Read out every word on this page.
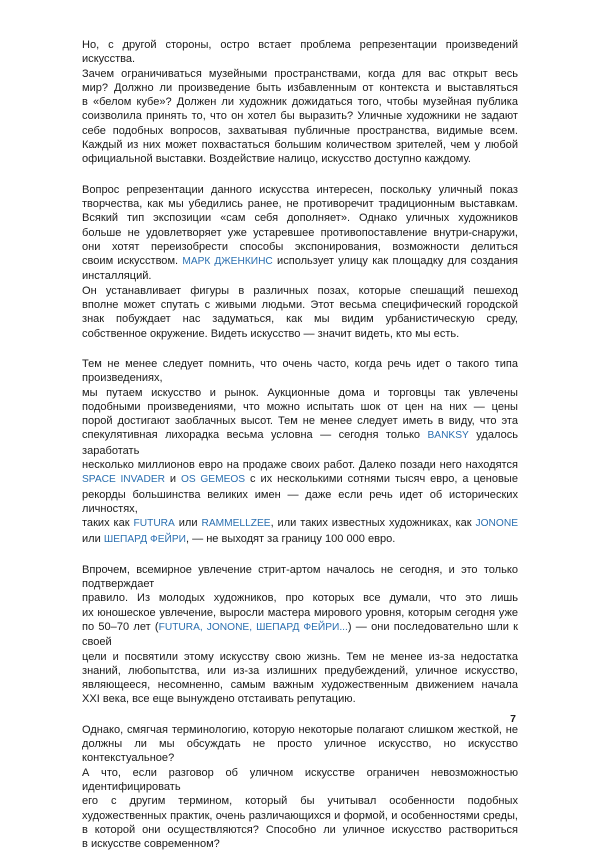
Но, с другой стороны, остро встает проблема репрезентации произведений искусства.
Зачем ограничиваться музейными пространствами, когда для вас открыт весь
мир? Должно ли произведение быть избавленным от контекста и выставляться
в «белом кубе»? Должен ли художник дожидаться того, чтобы музейная публика
соизволила принять то, что он хотел бы выразить? Уличные художники не задают
себе подобных вопросов, захватывая публичные пространства, видимые всем.
Каждый из них может похвастаться большим количеством зрителей, чем у любой
официальной выставки. Воздействие налицо, искусство доступно каждому.

Вопрос репрезентации данного искусства интересен, поскольку уличный показ
творчества, как мы убедились ранее, не противоречит традиционным выставкам.
Всякий тип экспозиции «сам себя дополняет». Однако уличных художников
больше не удовлетворяет уже устаревшее противопоставление внутри-снаружи,
они хотят переизобрести способы экспонирования, возможности делиться
своим искусством. МАРК ДЖЕНКИНС использует улицу как площадку для создания инсталляций.
Он устанавливает фигуры в различных позах, которые спешащий пешеход
вполне может спутать с живыми людьми. Этот весьма специфический городской
знак побуждает нас задуматься, как мы видим урбанистическую среду,
собственное окружение. Видеть искусство — значит видеть, кто мы есть.

Тем не менее следует помнить, что очень часто, когда речь идет о такого типа произведениях,
мы путаем искусство и рынок. Аукционные дома и торговцы так увлечены
подобными произведениями, что можно испытать шок от цен на них — цены
порой достигают заоблачных высот. Тем не менее следует иметь в виду, что эта
спекулятивная лихорадка весьма условна — сегодня только BANKSY удалось заработать
несколько миллионов евро на продаже своих работ. Далеко позади него находятся
SPACE INVADER и OS GEMEOS с их несколькими сотнями тысяч евро, а ценовые
рекорды большинства великих имен — даже если речь идет об исторических личностях,
таких как FUTURA или RAMMELLZEE, или таких известных художниках, как JONONE
или ШЕПАРД ФЕЙРИ, — не выходят за границу 100 000 евро.

Впрочем, всемирное увлечение стрит-артом началось не сегодня, и это только подтверждает
правило. Из молодых художников, про которых все думали, что это лишь
их юношеское увлечение, выросли мастера мирового уровня, которым сегодня уже
по 50–70 лет (FUTURA, JONONE, ШЕПАРД ФЕЙРИ...) — они последовательно шли к своей
цели и посвятили этому искусству свою жизнь. Тем не менее из-за недостатка
знаний, любопытства, или из-за излишних предубеждений, уличное искусство,
являющееся, несомненно, самым важным художественным движением начала
XXI века, все еще вынуждено отстаивать репутацию.

Однако, смягчая терминологию, которую некоторые полагают слишком жесткой, не
должны ли мы обсуждать не просто уличное искусство, но искусство контекстуальное?
А что, если разговор об уличном искусстве ограничен невозможностью идентифицировать
его с другим термином, который бы учитывал особенности подобных
художественных практик, очень различающихся и формой, и особенностями среды,
в которой они осуществляются? Способно ли уличное искусство раствориться
в искусстве современном?

7
